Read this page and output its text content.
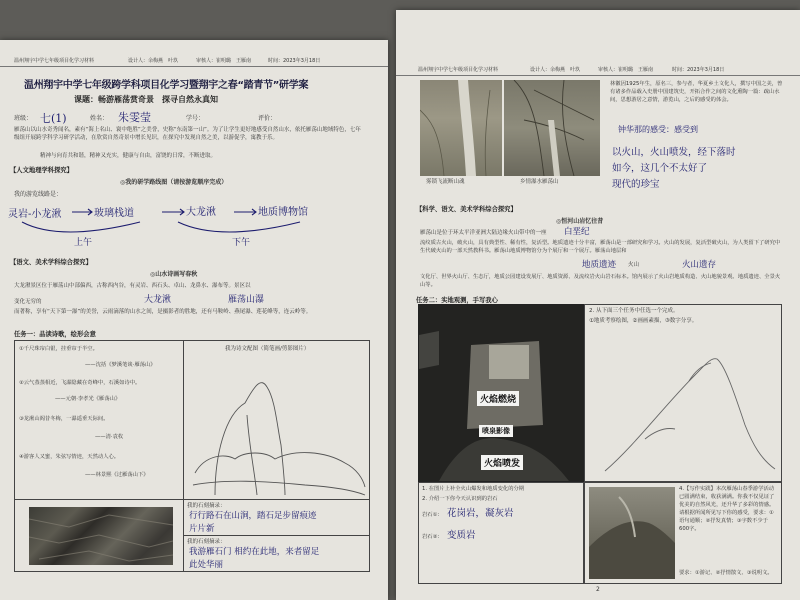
温州翔宇中学七年级项目化学习材料	设计人：余梅燕　叶玖	审核人：崔明璐　王雁南	时间：2023年3月18日
温州翔宇中学七年级跨学科项目化学习暨翔宇之春“踏青节”研学案
课题：畅游雁荡赏奇景　探寻自然永真知
班级： 七(1)	姓名： 朱雯莹	学号：	评价：
雁荡山以山水奇秀闻名，素有“海上名山、寰中绝胜”之美誉，史称“东南第一山”。为了让学生更好地感受自然山水，依托雁荡山地域特色，七年级组开展跨学科学习研学活动，在欣赏自然奇景中增长见识，在探究中发现自然之美，以游促学，寓教于乐。
精神与向育共和谐，精神又充实，健康与自由，富饶的日常，不断进取。
【人文地理学科探究】
◎我的研学路线图（请按游览顺序完成）
我的游览线路是：
灵岩-小龙湫	玻璃栈道	大龙湫	地质博物馆
上午	下午
【语文、美术学科综合探究】
◎山水诗画写春秋
大龙湫景区位于雁荡山中部偏西，古称西内谷，有灵岩、西石头、卓山、龙鼻水、瀑布等。景区以
变化无穷的	大龙湫	雁荡山瀑
而著称，享有“天下第一瀑”的美誉，云雨滴落的山水之间，是摄影者的胜地，还有马鞍岭、燕尾瀑、莲花峰等，连云岭等。
任务一：品读诗歌，绘形会意
①千尺珠帘白银，挂垂帘于半空。
——沈括《梦溪笔谈·雁荡山》
②云气蒸蒸相近，飞瀑隐藏在奇峰中，石溪如诗中。
——元朝·李孝光《雁荡山》
③龙湫山阁昔冬梅，一瀑遥垂天际间。
——清·袁枚
④游客人又蜜，朱弦写情迹，天然动人心。
——林景熙《过雁荡山下》
我为诗文配图（简笔画/剪影图片）
我的石刻摘录：
行行路石在山涧，踏石足步留痕迹
片片新
我的石刻摘录：
我游雁石门 相约在此地，来者留足
此处华丽
温州翔宇中学七年级项目化学习材料	设计人：余梅燕　叶玖	审核人：崔明璐　王雁南	时间：2023年3月18日
雾锁飞流断山魂	乡情瀑水雁荡山
林徽因1925年生，原名三，参与者，华夏乡土文化人，撰写中国之美，曾有诸多作品载入史册中国建筑史，开拓合作之间的文化熏陶一篇：疏山水间，思想游居之意情，游览山，之后的感受的体会。
钟华那的感受：感受到
以火山，火山喷发，经下落时
如今，这几个不太好了
现代的珍宝
【科学、语文、美术学科综合探究】
◎恒河山岩忆往昔
雁荡山是位于环太平洋亚洲大陆边缘火山带中的一座 白垩纪
流纹质古火山，破火山，具有典型性、稀有性，复活型。地质遗迹十分丰富，雁荡山是一部研究和学习。火山的发展，复活型破火山，为人类留下了研究中生代破火山的一部天然教科书。雁荡山地质博物馆分为个展厅和一个展厅。雁荡山地层和
地质遗迹 火山	火山遗存
文化厅、世界火山厅、生态厅，地质公园建设发展厅、地质资源、及流纹岩火山岩石标本。馆内展示了火山岩地质构造、火山地貌景观、地质遗迹、全景火山等。
任务二：实地观测，手写我心
火焰燃烧
喷泉影像
火焰喷发
2. 从下面三个任务中任选一个完成。
①地质考察绘图，②画画素描，③数字分享。
1. 在图片上补全火山爆发和地质变化的分期
2. 介绍一下你今天认识到的岩石
岩石①： 花岗岩，凝灰岩
岩石②： 变质岩
4.【写作实践】本次雁荡山春季游学活动已圆满结束，收获满满。你我不仅见证了优美的自然风光，还升华了多彩的情感。请根据所闻所见写下你的感受，要求：①语句通顺；②抒发真情；③字数不少于600字。
要求：①游记、②抒情散文、③说明文。
2
